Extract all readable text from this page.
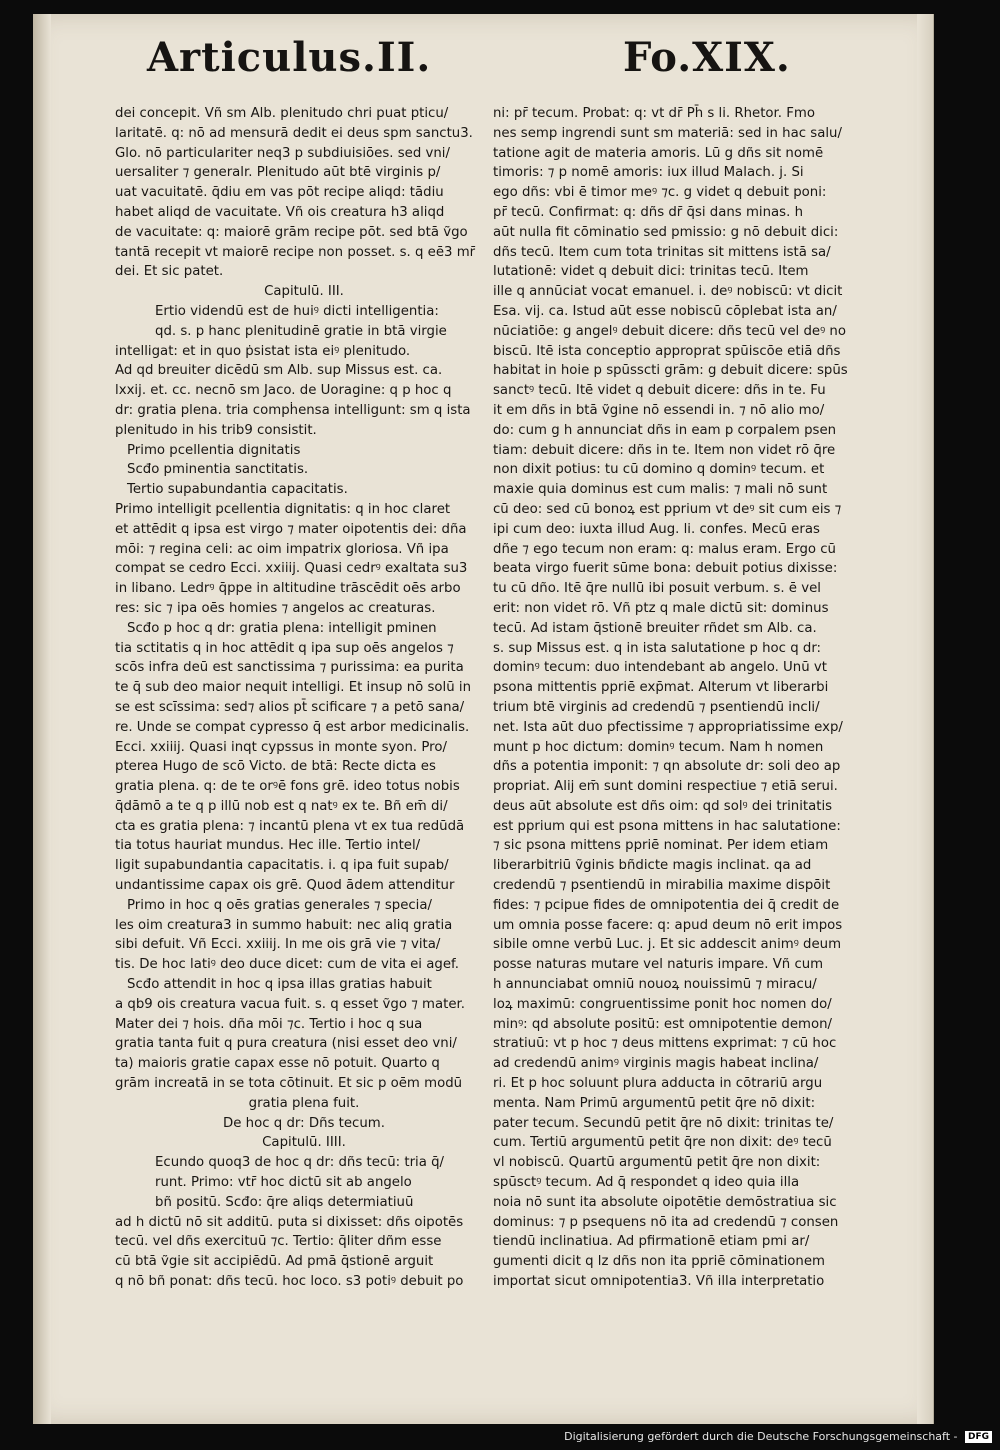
Articulus.II.	Fo.XIX.
dei concepit. Vñ sm Alb. plenitudo chri puat pticu/
laritatē. q: nō ad mensurā dedit ei deus spm sanctu3.
Glo. nō particulariter neq3 p subdiuisiōes. sed vni/
uersaliter ⁊ generalr. Plenitudo aūt btē virginis p/
uat vacuitatē. q̄diu em vas pōt recipe aliqd: tādiu
habet aliqd de vacuitate. Vñ ois creatura h3 aliqd
de vacuitate: q: maiorē grām recipe pōt. sed btā ṽgo
tantā recepit vt maiorē recipe non posset. s. q eē3 mr̄
dei. Et sic patet.
Capitulū. III.
Ertio videndū est de huiꝰ dicti intelligentia:
qd. s. p hanc plenitudinē gratie in btā virgie
intelligat: et in quo ṗsistat ista eiꝰ plenitudo.
Ad qd breuiter dicēdū sm Alb. sup Missus est. ca.
lxxij. et. cc. necnō sm Jaco. de Uoragine: q p hoc q
dr: gratia plena. tria compḣensa intelligunt: sm q ista
plenitudo in his trib9 consistit.
Primo pcellentia dignitatis
Scđo pminentia sanctitatis.
Tertio supabundantia capacitatis.
Primo intelligit pcellentia dignitatis: q in hoc claret
et attēdit q ipsa est virgo ⁊ mater oipotentis dei: dña
mōi: ⁊ regina celi: ac oim impatrix gloriosa. Vñ ipa
compat se cedro Ecci. xxiiij. Quasi cedrꝰ exaltata su3
in libano. Ledrꝰ q̄ppe in altitudine trāscēdit oēs arbo
res: sic ⁊ ipa oēs homies ⁊ angelos ac creaturas.
Scđo p hoc q dr: gratia plena: intelligit pminen
tia sctitatis q in hoc attēdit q ipa sup oēs angelos ⁊
scōs infra deū est sanctissima ⁊ purissima: ea purita
te q̄ sub deo maior nequit intelligi. Et insup nō solū in
se est scīssima: sed⁊ alios pt̄ scificare ⁊ a petō sana/
re. Unde se compat cypresso q̄ est arbor medicinalis.
Ecci. xxiiij. Quasi inqt cypssus in monte syon. Pro/
pterea Hugo de scō Victo. de btā: Recte dicta es
gratia plena. q: de te orꝰē fons grē. ideo totus nobis
q̄dāmō a te q p illū nob est q natꝰ ex te. Bñ em̄ di/
cta es gratia plena: ⁊ incantū plena vt ex tua redūdā
tia totus hauriat mundus. Hec ille. Tertio intel/
ligit supabundantia capacitatis. i. q ipa fuit supab/
undantissime capax ois grē. Quod ādem attenditur
Primo in hoc q oēs gratias generales ⁊ specia/
les oim creatura3 in summo habuit: nec aliq gratia
sibi defuit. Vñ Ecci. xxiiij. In me ois grā vie ⁊ vita/
tis. De hoc latiꝰ deo duce dicet: cum de vita ei agef.
Scđo attendit in hoc q ipsa illas gratias habuit
a qb9 ois creatura vacua fuit. s. q esset ṽgo ⁊ mater.
Mater dei ⁊ hois. dña mōi ⁊c. Tertio i hoc q sua
gratia tanta fuit q pura creatura (nisi esset deo vni/
ta) maioris gratie capax esse nō potuit. Quarto q
grām increatā in se tota cōtinuit. Et sic p oēm modū
gratia plena fuit.
De hoc q dr: Dñs tecum.
Capitulū. IIII.
Ecundo quoq3 de hoc q dr: dñs tecū: tria q̄/
runt. Primo: vtr̄ hoc dictū sit ab angelo
bñ positū. Scđo: q̄re aliqs determiatiuū
ad h dictū nō sit additū. puta si dixisset: dñs oipotēs
tecū. vel dñs exercituū ⁊c. Tertio: q̄liter dñm esse
cū btā ṽgie sit accipiēdū. Ad pmā q̄stionē arguit
q nō bñ ponat: dñs tecū. hoc loco. s3 potiꝰ debuit po
ni: pr̄ tecum. Probat: q: vt dr̄ Ph̄ s li. Rhetor. Fmo
nes semp ingrendi sunt sm materiā: sed in hac salu/
tatione agit de materia amoris. Lū g dñs sit nomē
timoris: ⁊ p nomē amoris: iux illud Malach. j. Si
ego dñs: vbi ē timor meꝰ ⁊c. g videt q debuit poni:
pr̄ tecū. Confirmat: q: dñs dr̄ q̄si dans minas. h
aūt nulla fit cōminatio sed pmissio: g nō debuit dici:
dñs tecū. Item cum tota trinitas sit mittens istā sa/
lutationē: videt q debuit dici: trinitas tecū. Item
ille q annūciat vocat emanuel. i. deꝰ nobiscū: vt dicit
Esa. vij. ca. Istud aūt esse nobiscū cōplebat ista an/
nūciatiōe: g angelꝰ debuit dicere: dñs tecū vel deꝰ no
biscū. Itē ista conceptio approprat spūiscōe etiā dñs
habitat in hoie p spūsscti grām: g debuit dicere: spūs
sanctꝰ tecū. Itē videt q debuit dicere: dñs in te. Fu
it em dñs in btā ṽgine nō essendi in. ⁊ nō alio mo/
do: cum g h annunciat dñs in eam p corpalem psen
tiam: debuit dicere: dñs in te. Item non videt rō q̄re
non dixit potius: tu cū domino q dominꝰ tecum. et
maxie quia dominus est cum malis: ⁊ mali nō sunt
cū deo: sed cū bonoꝝ est pprium vt deꝰ sit cum eis ⁊
ipi cum deo: iuxta illud Aug. li. confes. Mecū eras
dñe ⁊ ego tecum non eram: q: malus eram. Ergo cū
beata virgo fuerit sūme bona: debuit potius dixisse:
tu cū dño. Itē q̄re nullū ibi posuit verbum. s. ē vel
erit: non videt rō. Vñ ptz q male dictū sit: dominus
tecū. Ad istam q̄stionē breuiter rñdet sm Alb. ca.
s. sup Missus est. q in ista salutatione p hoc q dr:
dominꝰ tecum: duo intendebant ab angelo. Unū vt
psona mittentis ppriē exp̄mat. Alterum vt liberarbi
trium btē virginis ad credendū ⁊ psentiendū incli/
net. Ista aūt duo pfectissime ⁊ appropriatissime exp/
munt p hoc dictum: dominꝰ tecum. Nam h nomen
dñs a potentia imponit: ⁊ qn absolute dr: soli deo ap
propriat. Alij em̄ sunt domini respectiue ⁊ etiā serui.
deus aūt absolute est dñs oim: qd solꝰ dei trinitatis
est pprium qui est psona mittens in hac salutatione:
⁊ sic psona mittens ppriē nominat. Per idem etiam
liberarbitriū ṽginis bñdicte magis inclinat. qa ad
credendū ⁊ psentiendū in mirabilia maxime dispōit
fides: ⁊ pcipue fides de omnipotentia dei q̄ credit de
um omnia posse facere: q: apud deum nō erit impos
sibile omne verbū Luc. j. Et sic addescit animꝰ deum
posse naturas mutare vel naturis impare. Vñ cum
h annunciabat omniū nouoꝝ nouissimū ⁊ miracu/
loꝝ maximū: congruentissime ponit hoc nomen do/
minꝰ: qd absolute positū: est omnipotentie demon/
stratiuū: vt p hoc ⁊ deus mittens exprimat: ⁊ cū hoc
ad credendū animꝰ virginis magis habeat inclina/
ri. Et p hoc soluunt plura adducta in cōtrariū argu
menta. Nam Primū argumentū petit q̄re nō dixit:
pater tecum. Secundū petit q̄re nō dixit: trinitas te/
cum. Tertiū argumentū petit q̄re non dixit: deꝰ tecū
vl nobiscū. Quartū argumentū petit q̄re non dixit:
spūsctꝰ tecum. Ad q̄ respondet q ideo quia illa
noia nō sunt ita absolute oipotētie demōstratiua sic
dominus: ⁊ p psequens nō ita ad credendū ⁊ consen
tiendū inclinatiua. Ad pfirmationē etiam pmi ar/
gumenti dicit q lz dñs non ita ppriē cōminationem
importat sicut omnipotentia3. Vñ illa interpretatio
Digitalisierung gefördert durch die Deutsche Forschungsgemeinschaft - DFG
